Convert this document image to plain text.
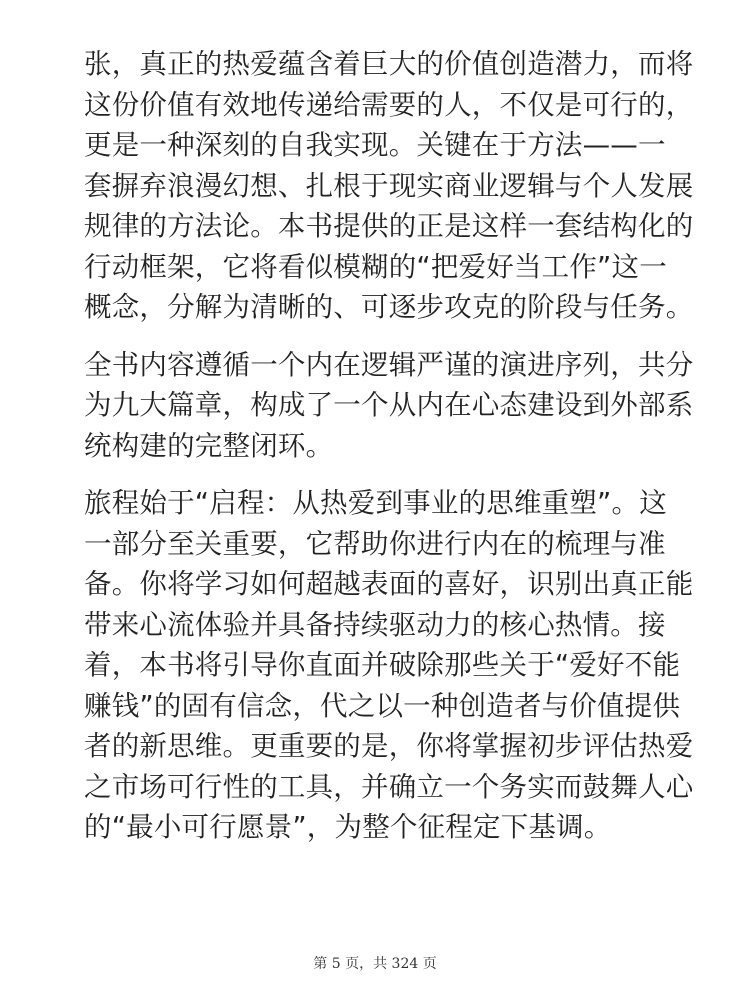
张，真正的热爱蕴含着巨大的价值创造潜力，而将
这份价值有效地传递给需要的人，不仅是可行的，
更是一种深刻的自我实现。关键在于方法——一
套摒弃浪漫幻想、扎根于现实商业逻辑与个人发展
规律的方法论。本书提供的正是这样一套结构化的
行动框架，它将看似模糊的“把爱好当工作”这一
概念，分解为清晰的、可逐步攻克的阶段与任务。

全书内容遵循一个内在逻辑严谨的演进序列，共分
为九大篇章，构成了一个从内在心态建设到外部系
统构建的完整闭环。

旅程始于“启程：从热爱到事业的思维重塑”。这
一部分至关重要，它帮助你进行内在的梳理与准
备。你将学习如何超越表面的喜好，识别出真正能
带来心流体验并具备持续驱动力的核心热情。接
着，本书将引导你直面并破除那些关于“爱好不能
赚钱”的固有信念，代之以一种创造者与价值提供
者的新思维。更重要的是，你将掌握初步评估热爱
之市场可行性的工具，并确立一个务实而鼓舞人心
的“最小可行愿景”，为整个征程定下基调。

第 5 页，共 324 页
